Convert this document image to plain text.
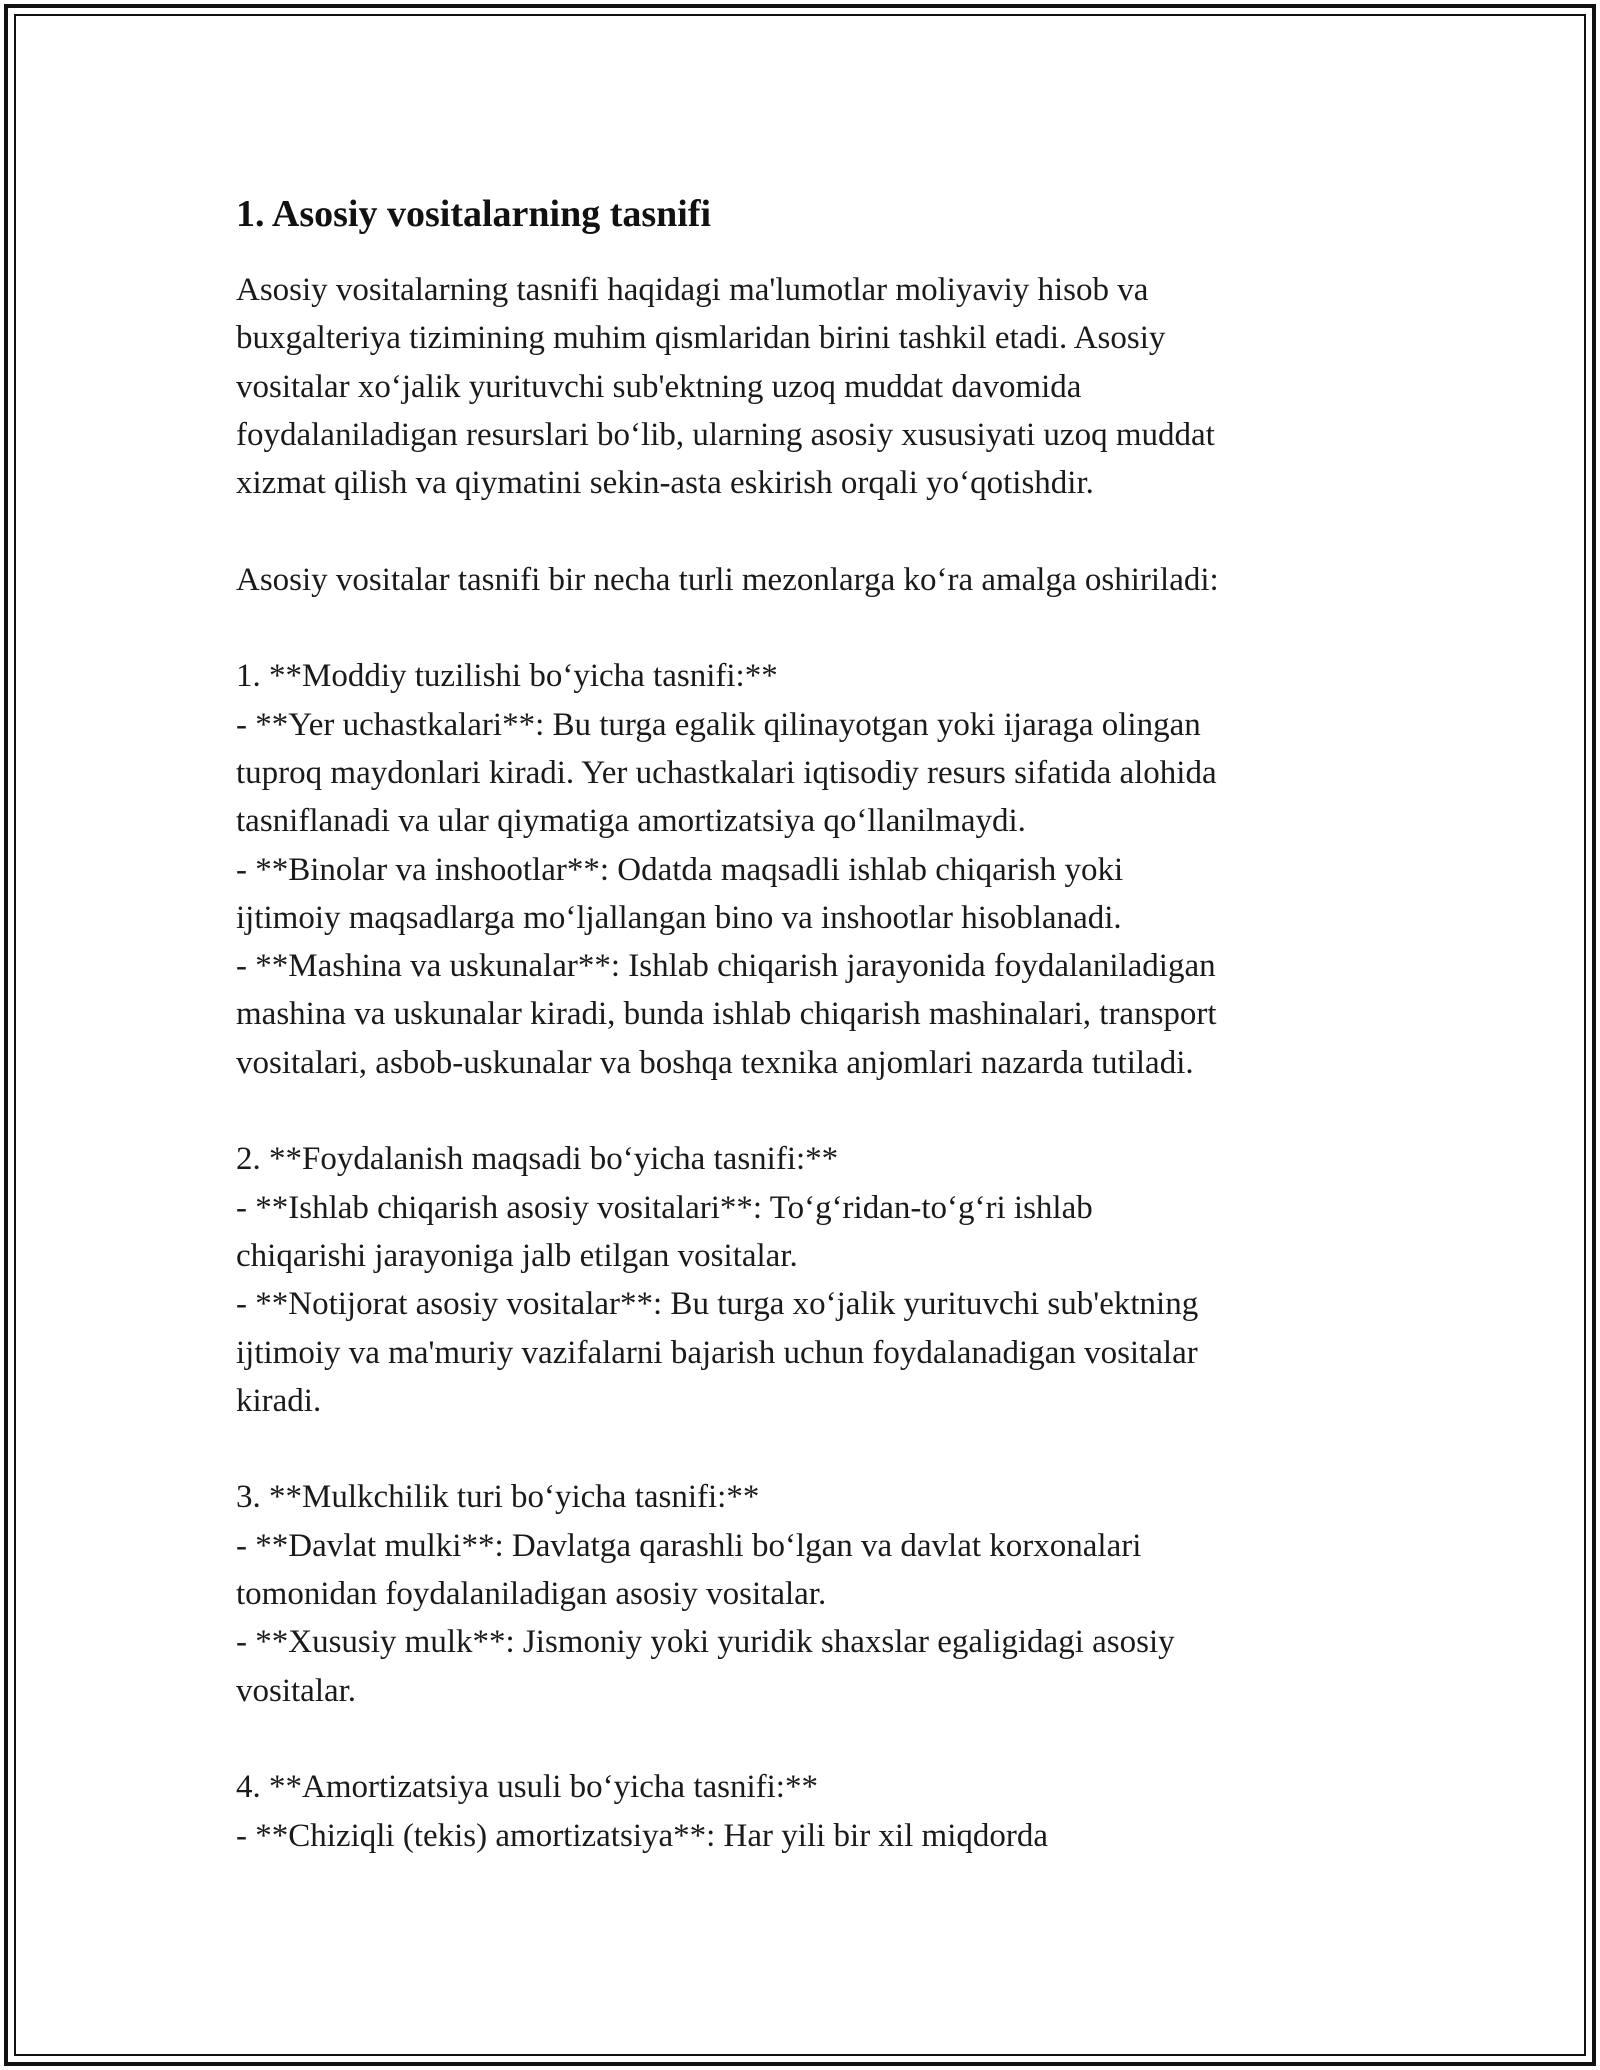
1. Asosiy vositalarning tasnifi

Asosiy vositalarning tasnifi haqidagi ma'lumotlar moliyaviy hisob va
buxgalteriya tizimining muhim qismlaridan birini tashkil etadi. Asosiy
vositalar xo‘jalik yurituvchi sub'ektning uzoq muddat davomida
foydalaniladigan resurslari bo‘lib, ularning asosiy xususiyati uzoq muddat
xizmat qilish va qiymatini sekin-asta eskirish orqali yo‘qotishdir.

Asosiy vositalar tasnifi bir necha turli mezonlarga ko‘ra amalga oshiriladi:

1. **Moddiy tuzilishi bo‘yicha tasnifi:**
- **Yer uchastkalari**: Bu turga egalik qilinayotgan yoki ijaraga olingan
tuproq maydonlari kiradi. Yer uchastkalari iqtisodiy resurs sifatida alohida
tasniflanadi va ular qiymatiga amortizatsiya qo‘llanilmaydi.
- **Binolar va inshootlar**: Odatda maqsadli ishlab chiqarish yoki
ijtimoiy maqsadlarga mo‘ljallangan bino va inshootlar hisoblanadi.
- **Mashina va uskunalar**: Ishlab chiqarish jarayonida foydalaniladigan
mashina va uskunalar kiradi, bunda ishlab chiqarish mashinalari, transport
vositalari, asbob-uskunalar va boshqa texnika anjomlari nazarda tutiladi.

2. **Foydalanish maqsadi bo‘yicha tasnifi:**
- **Ishlab chiqarish asosiy vositalari**: To‘g‘ridan-to‘g‘ri ishlab
chiqarishi jarayoniga jalb etilgan vositalar.
- **Notijorat asosiy vositalar**: Bu turga xo‘jalik yurituvchi sub'ektning
ijtimoiy va ma'muriy vazifalarni bajarish uchun foydalanadigan vositalar
kiradi.

3. **Mulkchilik turi bo‘yicha tasnifi:**
- **Davlat mulki**: Davlatga qarashli bo‘lgan va davlat korxonalari
tomonidan foydalaniladigan asosiy vositalar.
- **Xususiy mulk**: Jismoniy yoki yuridik shaxslar egaligidagi asosiy
vositalar.

4. **Amortizatsiya usuli bo‘yicha tasnifi:**
- **Chiziqli (tekis) amortizatsiya**: Har yili bir xil miqdorda
